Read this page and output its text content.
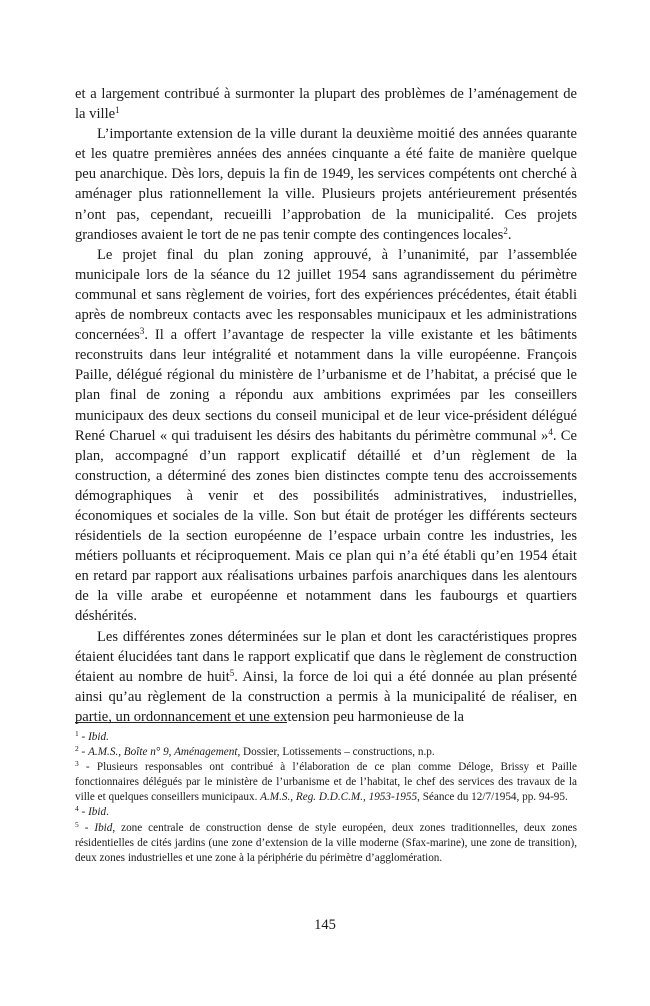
et a largement contribué à surmonter la plupart des problèmes de l’aménagement de la ville$^1$

L’importante extension de la ville durant la deuxième moitié des années quarante et les quatre premières années des années cinquante a été faite de manière quelque peu anarchique. Dès lors, depuis la fin de 1949, les services compétents ont cherché à aménager plus rationnellement la ville. Plusieurs projets antérieurement présentés n’ont pas, cependant, recueilli l’approbation de la municipalité. Ces projets grandioses avaient le tort de ne pas tenir compte des contingences locales$^2$.

Le projet final du plan zoning approuvé, à l’unanimité, par l’assemblée municipale lors de la séance du 12 juillet 1954 sans agrandissement du périmètre communal et sans règlement de voiries, fort des expériences précédentes, était établi après de nombreux contacts avec les responsables municipaux et les administrations concernées$^3$. Il a offert l’avantage de respecter la ville existante et les bâtiments reconstruits dans leur intégralité et notamment dans la ville européenne. François Paille, délégué régional du ministère de l’urbanisme et de l’habitat, a précisé que le plan final de zoning a répondu aux ambitions exprimées par les conseillers municipaux des deux sections du conseil municipal et de leur vice-président délégué René Charuel « qui traduisent les désirs des habitants du périmètre communal »$^4$. Ce plan, accompagné d’un rapport explicatif détaillé et d’un règlement de la construction, a déterminé des zones bien distinctes compte tenu des accroissements démographiques à venir et des possibilités administratives, industrielles, économiques et sociales de la ville. Son but était de protéger les différents secteurs résidentiels de la section européenne de l’espace urbain contre les industries, les métiers polluants et réciproquement. Mais ce plan qui n’a été établi qu’en 1954 était en retard par rapport aux réalisations urbaines parfois anarchiques dans les alentours de la ville arabe et européenne et notamment dans les faubourgs et quartiers déshérités.

Les différentes zones déterminées sur le plan et dont les caractéristiques propres étaient élucidées tant dans le rapport explicatif que dans le règlement de construction étaient au nombre de huit$^5$. Ainsi, la force de loi qui a été donnée au plan présenté ainsi qu’au règlement de la construction a permis à la municipalité de réaliser, en partie, un ordonnancement et une extension peu harmonieuse de la

$^1$ - Ibid.

$^2$ - A.M.S., Boîte n° 9, Aménagement, Dossier, Lotissements – constructions, n.p.

$^3$ - Plusieurs responsables ont contribué à l’élaboration de ce plan comme Déloge, Brissy et Paille fonctionnaires délégués par le ministère de l’urbanisme et de l’habitat, le chef des services des travaux de la ville et quelques conseillers municipaux. A.M.S., Reg. D.D.C.M., 1953-1955, Séance du 12/7/1954, pp. 94-95.

$^4$ - Ibid.

$^5$ - Ibid, zone centrale de construction dense de style européen, deux zones traditionnelles, deux zones résidentielles de cités jardins (une zone d’extension de la ville moderne (Sfax-marine), une zone de transition), deux zones industrielles et une zone à la périphérie du périmètre d’agglomération.

145
